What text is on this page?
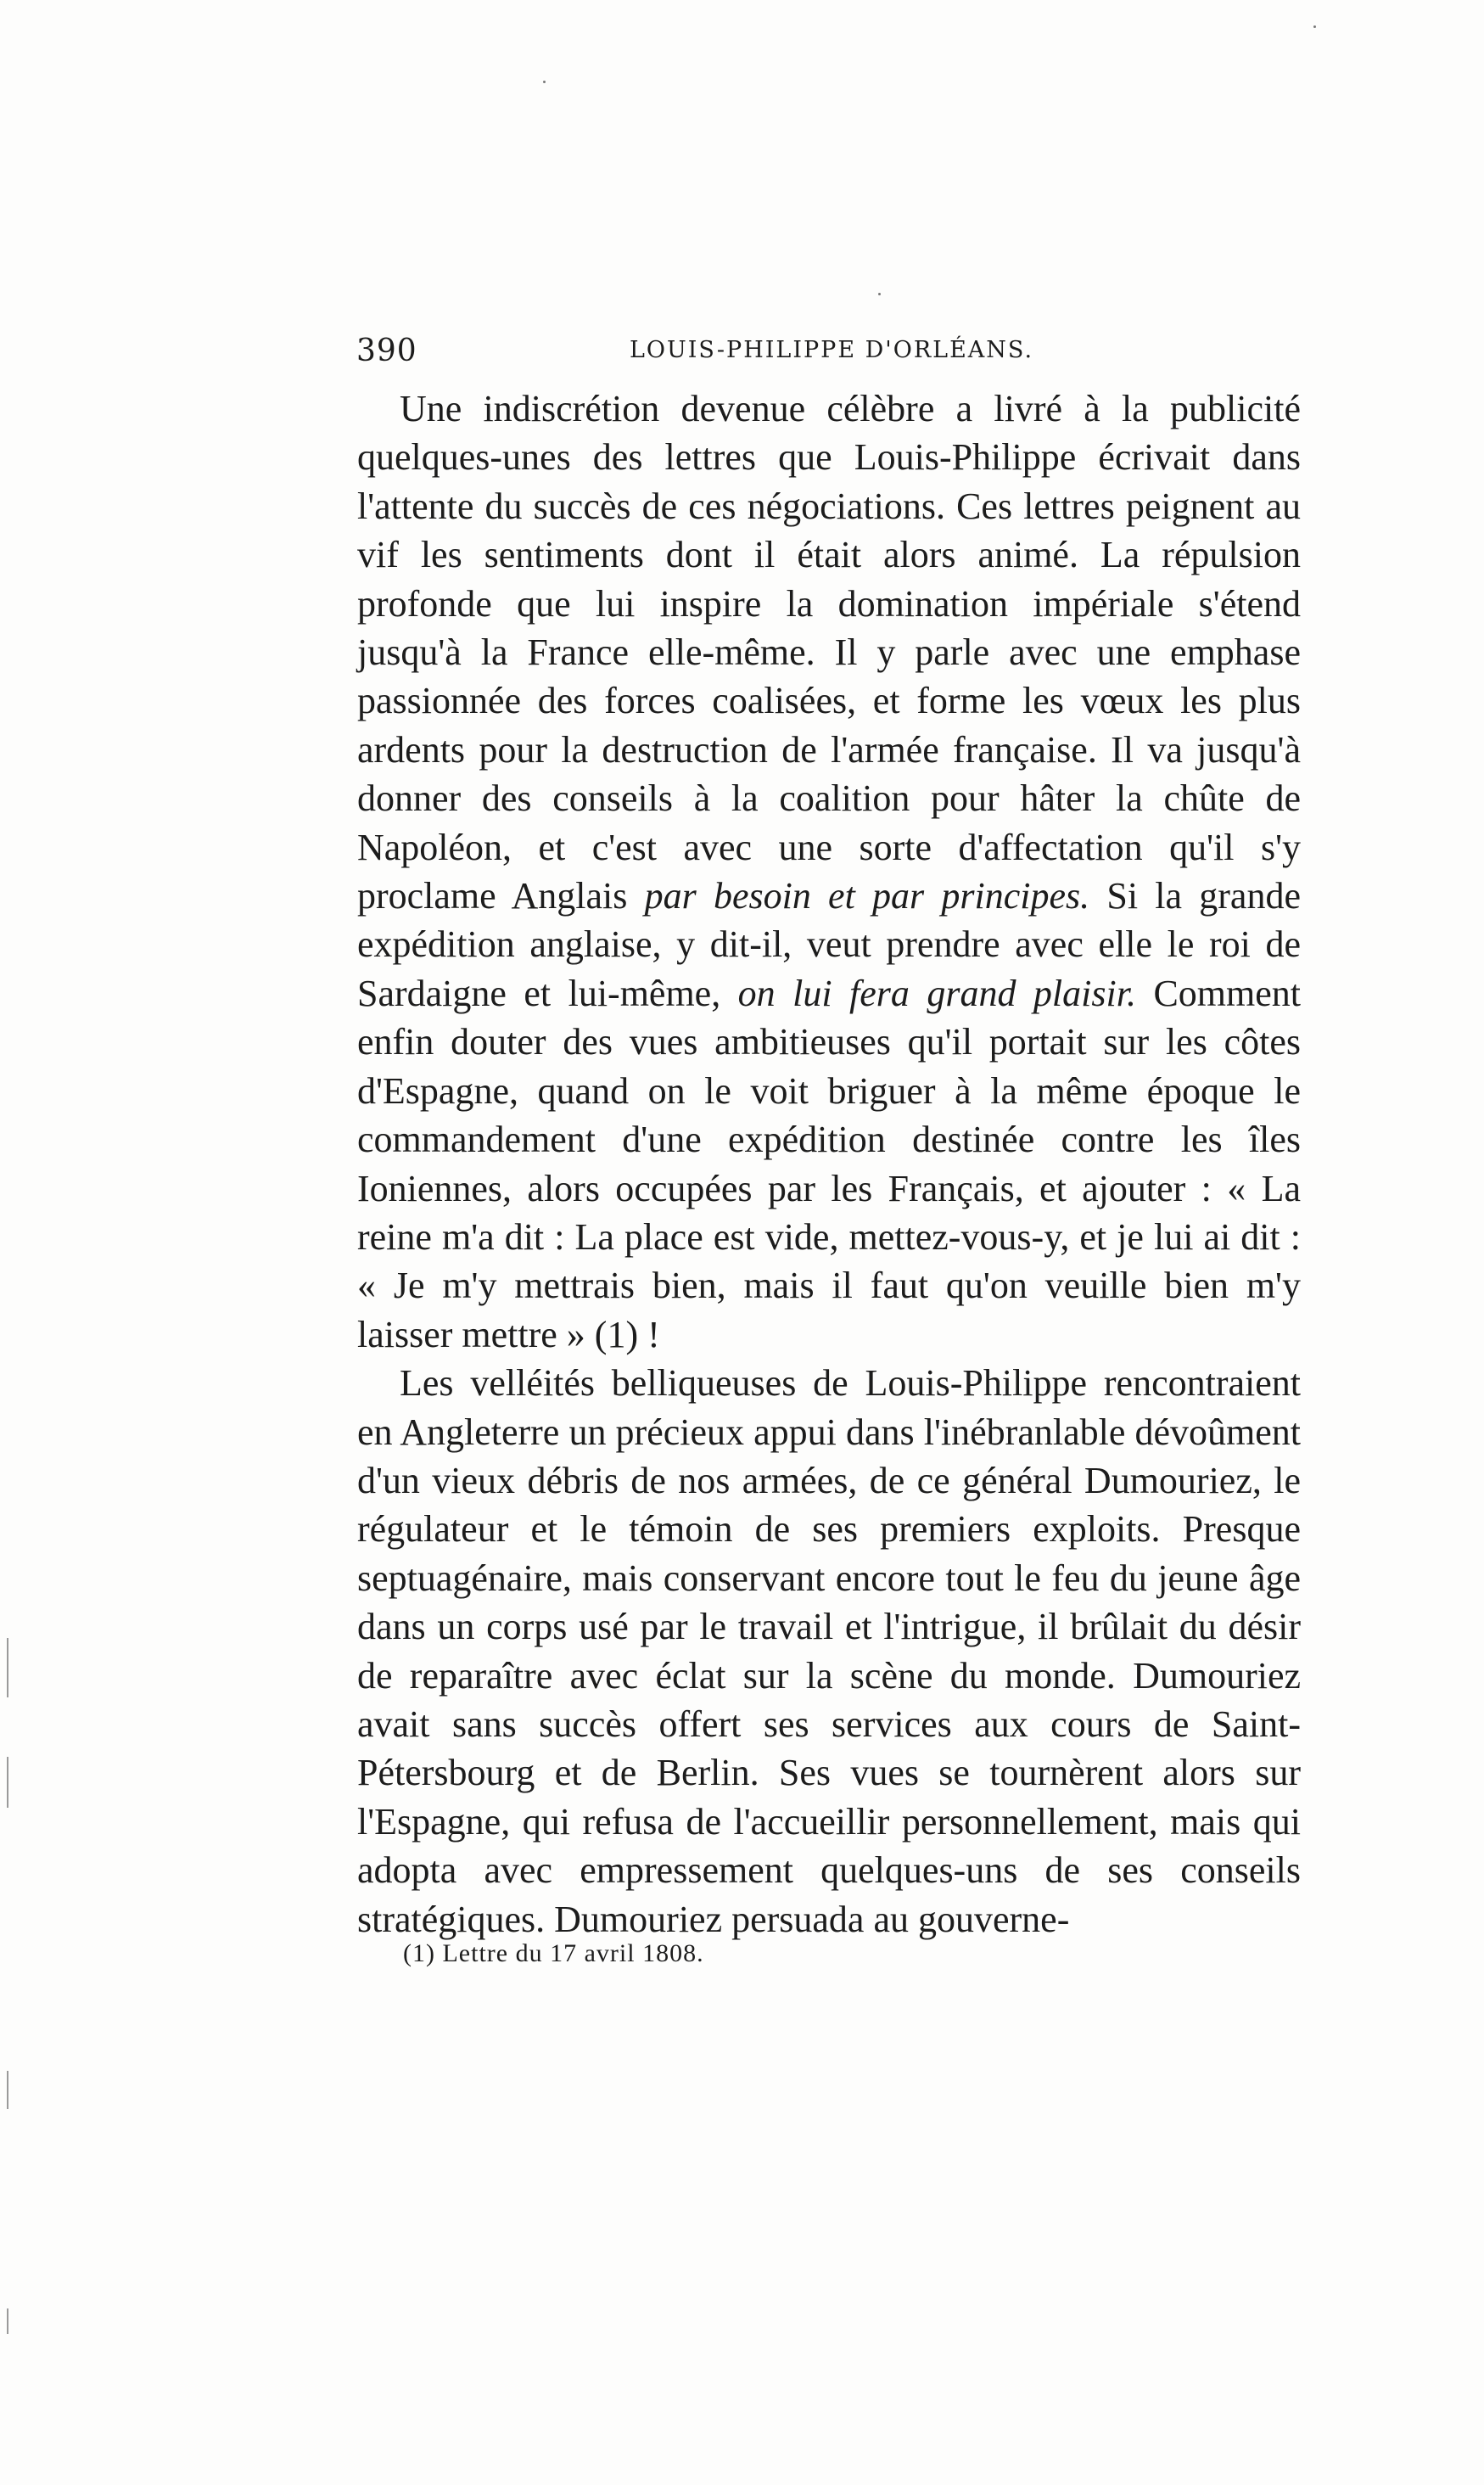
390	LOUIS-PHILIPPE D'ORLÉANS.

Une indiscrétion devenue célèbre a livré à la publicité quelques-unes des lettres que Louis-Philippe écrivait dans l'attente du succès de ces négociations. Ces lettres peignent au vif les sentiments dont il était alors animé. La répulsion profonde que lui inspire la domination impériale s'étend jusqu'à la France elle-même. Il y parle avec une emphase passionnée des forces coalisées, et forme les vœux les plus ardents pour la destruction de l'armée française. Il va jusqu'à donner des conseils à la coalition pour hâter la chûte de Napoléon, et c'est avec une sorte d'affectation qu'il s'y proclame Anglais par besoin et par principes. Si la grande expédition anglaise, y dit-il, veut prendre avec elle le roi de Sardaigne et lui-même, on lui fera grand plaisir. Comment enfin douter des vues ambitieuses qu'il portait sur les côtes d'Espagne, quand on le voit briguer à la même époque le commandement d'une expédition destinée contre les îles Ioniennes, alors occupées par les Français, et ajouter : « La reine m'a dit : La place est vide, mettez-vous-y, et je lui ai dit : « Je m'y mettrais bien, mais il faut qu'on veuille bien m'y laisser mettre » (1) !

Les velléités belliqueuses de Louis-Philippe rencontraient en Angleterre un précieux appui dans l'inébranlable dévoûment d'un vieux débris de nos armées, de ce général Dumouriez, le régulateur et le témoin de ses premiers exploits. Presque septuagénaire, mais conservant encore tout le feu du jeune âge dans un corps usé par le travail et l'intrigue, il brûlait du désir de reparaître avec éclat sur la scène du monde. Dumouriez avait sans succès offert ses services aux cours de Saint-Pétersbourg et de Berlin. Ses vues se tournèrent alors sur l'Espagne, qui refusa de l'accueillir personnellement, mais qui adopta avec empressement quelques-uns de ses conseils stratégiques. Dumouriez persuada au gouverne-

(1) Lettre du 17 avril 1808.
